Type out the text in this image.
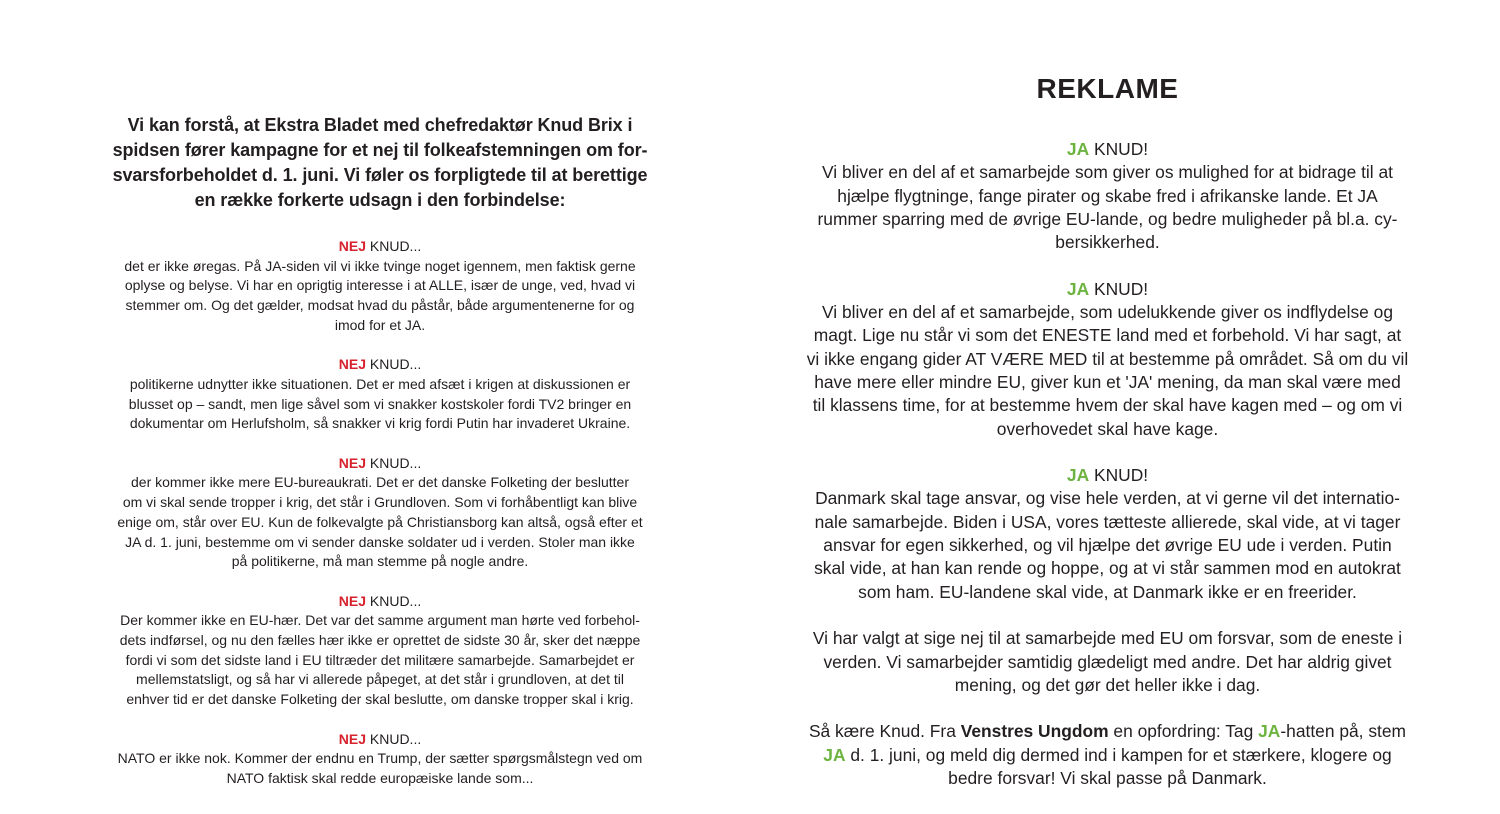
Vi kan forstå, at Ekstra Bladet med chefredaktør Knud Brix i
spidsen fører kampagne for et nej til folkeafstemningen om for-
svarsforbeholdet d. 1. juni. Vi føler os forpligtede til at berettige
en række forkerte udsagn i den forbindelse:
NEJ KNUD...
det er ikke øregas. På JA-siden vil vi ikke tvinge noget igennem, men faktisk gerne
oplyse og belyse. Vi har en oprigtig interesse i at ALLE, især de unge, ved, hvad vi
stemmer om. Og det gælder, modsat hvad du påstår, både argumentenerne for og
imod for et JA.
NEJ KNUD...
politikerne udnytter ikke situationen. Det er med afsæt i krigen at diskussionen er
blusset op – sandt, men lige såvel som vi snakker kostskoler fordi TV2 bringer en
dokumentar om Herlufsholm, så snakker vi krig fordi Putin har invaderet Ukraine.
NEJ KNUD...
der kommer ikke mere EU-bureaukrati. Det er det danske Folketing der beslutter
om vi skal sende tropper i krig, det står i Grundloven. Som vi forhåbentligt kan blive
enige om, står over EU. Kun de folkevalgte på Christiansborg kan altså, også efter et
JA d. 1. juni, bestemme om vi sender danske soldater ud i verden. Stoler man ikke
på politikerne, må man stemme på nogle andre.
NEJ KNUD...
Der kommer ikke en EU-hær. Det var det samme argument man hørte ved forbehol-
dets indførsel, og nu den fælles hær ikke er oprettet de sidste 30 år, sker det næppe
fordi vi som det sidste land i EU tiltræder det militære samarbejde. Samarbejdet er
mellemstatsligt, og så har vi allerede påpeget, at det står i grundloven, at det til
enhver tid er det danske Folketing der skal beslutte, om danske tropper skal i krig.
NEJ KNUD...
NATO er ikke nok. Kommer der endnu en Trump, der sætter spørgsmålstegn ved om
NATO faktisk skal redde europæiske lande som...
REKLAME
JA KNUD!
Vi bliver en del af et samarbejde som giver os mulighed for at bidrage til at
hjælpe flygtninge, fange pirater og skabe fred i afrikanske lande. Et JA
rummer sparring med de øvrige EU-lande, og bedre muligheder på bl.a. cy-
bersikkerhed.
JA KNUD!
Vi bliver en del af et samarbejde, som udelukkende giver os indflydelse og
magt. Lige nu står vi som det ENESTE land med et forbehold. Vi har sagt, at
vi ikke engang gider AT VÆRE MED til at bestemme på området. Så om du vil
have mere eller mindre EU, giver kun et 'JA' mening, da man skal være med
til klassens time, for at bestemme hvem der skal have kagen med – og om vi
overhovedet skal have kage.
JA KNUD!
Danmark skal tage ansvar, og vise hele verden, at vi gerne vil det internatio-
nale samarbejde. Biden i USA, vores tætteste allierede, skal vide, at vi tager
ansvar for egen sikkerhed, og vil hjælpe det øvrige EU ude i verden. Putin
skal vide, at han kan rende og hoppe, og at vi står sammen mod en autokrat
som ham. EU-landene skal vide, at Danmark ikke er en freerider.
Vi har valgt at sige nej til at samarbejde med EU om forsvar, som de eneste i
verden. Vi samarbejder samtidig glædeligt med andre. Det har aldrig givet
mening, og det gør det heller ikke i dag.
Så kære Knud. Fra Venstres Ungdom en opfordring: Tag JA-hatten på, stem
JA d. 1. juni, og meld dig dermed ind i kampen for et stærkere, klogere og
bedre forsvar! Vi skal passe på Danmark.
